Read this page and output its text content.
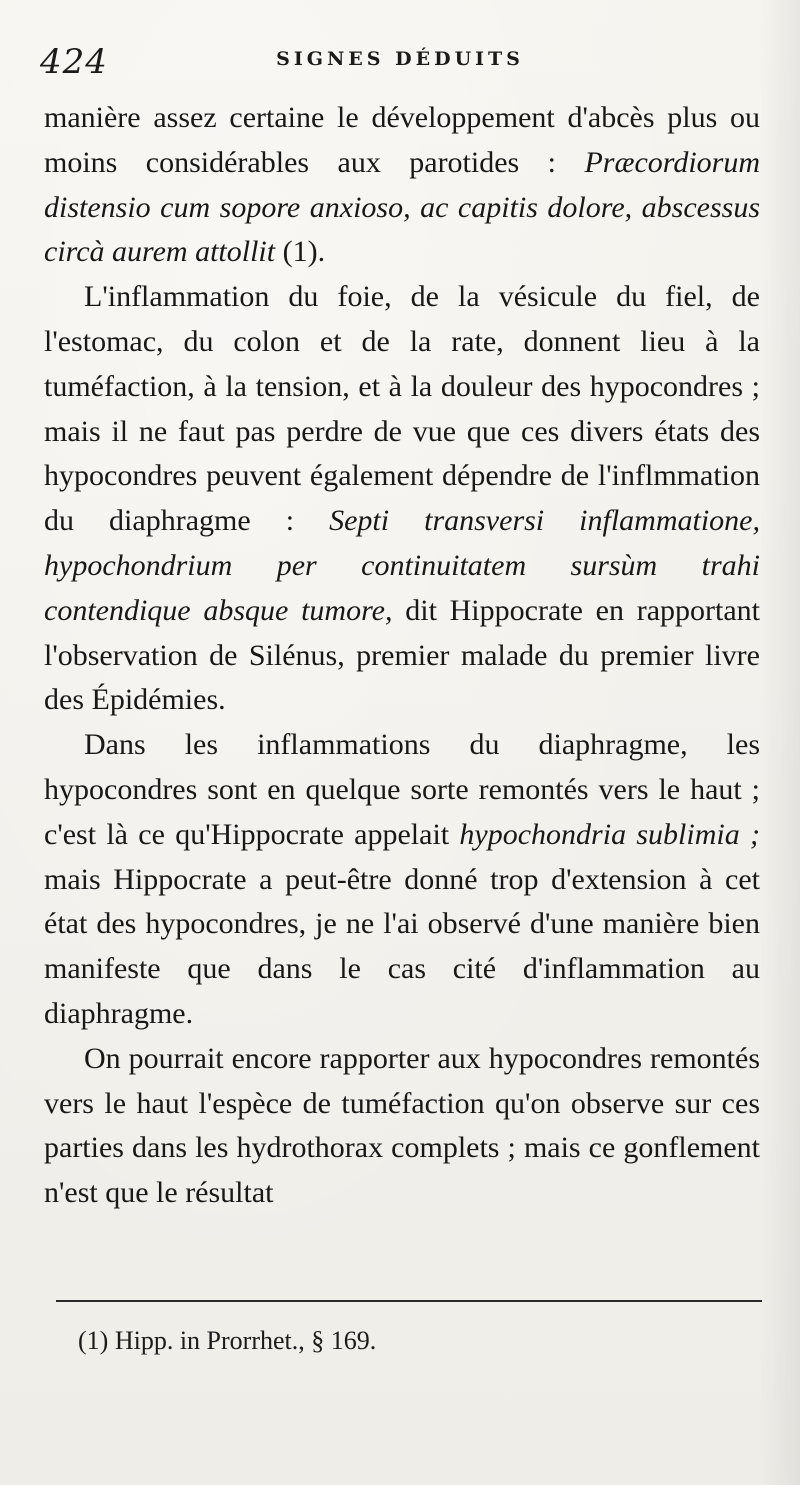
424	SIGNES DÉDUITS

manière assez certaine le développement d'abcès plus ou moins considérables aux parotides : Præcordiorum distensio cum sopore anxioso, ac capitis dolore, abscessus circà aurem attollit (1).

L'inflammation du foie, de la vésicule du fiel, de l'estomac, du colon et de la rate, donnent lieu à la tuméfaction, à la tension, et à la douleur des hypocondres ; mais il ne faut pas perdre de vue que ces divers états des hypocondres peuvent également dépendre de l'inflmmation du diaphragme : Septi transversi inflammatione, hypochondrium per continuitatem sursùm trahi contendique absque tumore, dit Hippocrate en rapportant l'observation de Silénus, premier malade du premier livre des Épidémies.

Dans les inflammations du diaphragme, les hypocondres sont en quelque sorte remontés vers le haut ; c'est là ce qu'Hippocrate appelait hypochondria sublimia ; mais Hippocrate a peut-être donné trop d'extension à cet état des hypocondres, je ne l'ai observé d'une manière bien manifeste que dans le cas cité d'inflammation au diaphragme.

On pourrait encore rapporter aux hypocondres remontés vers le haut l'espèce de tuméfaction qu'on observe sur ces parties dans les hydrothorax complets ; mais ce gonflement n'est que le résultat

(1) Hipp. in Prorrhet., § 169.
